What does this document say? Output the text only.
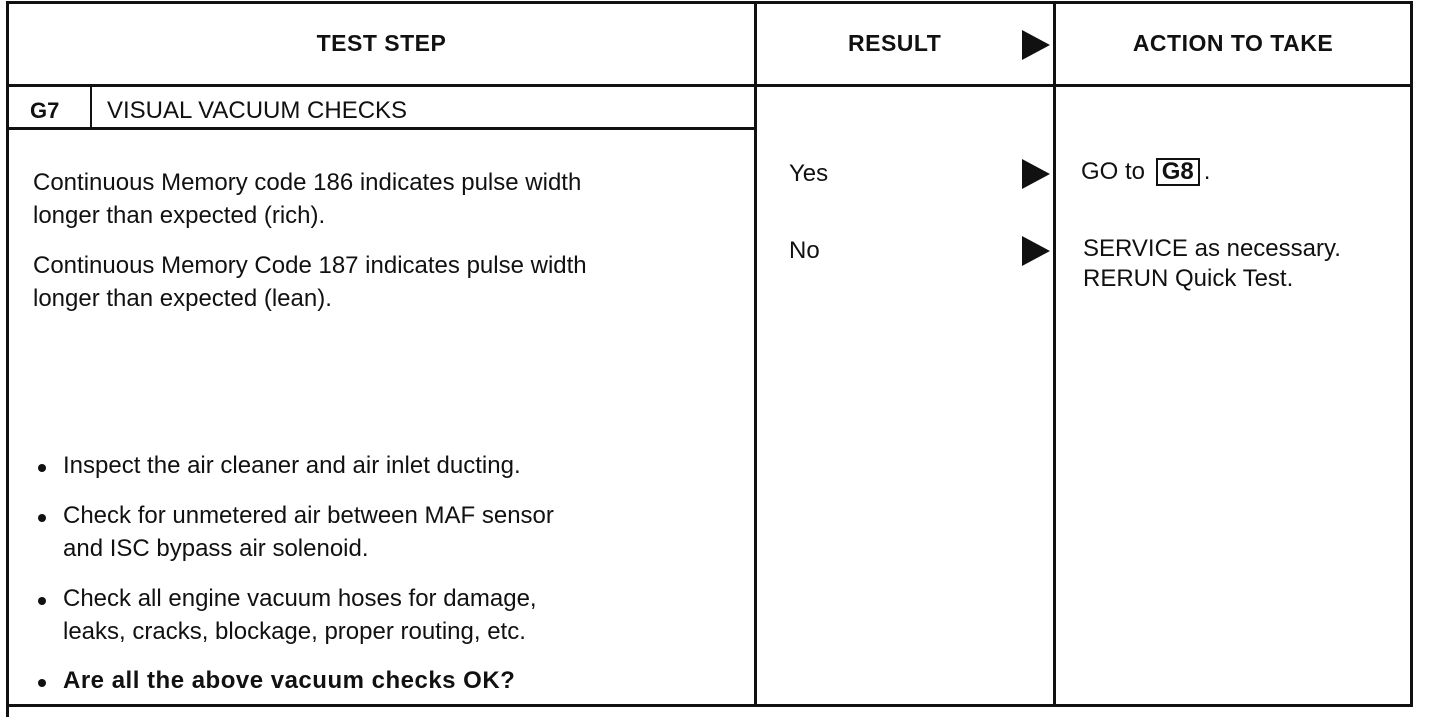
TEST STEP	RESULT	ACTION TO TAKE
G7 VISUAL VACUUM CHECKS
Continuous Memory code 186 indicates pulse width
longer than expected (rich).
Continuous Memory Code 187 indicates pulse width
longer than expected (lean).
Inspect the air cleaner and air inlet ducting.
Check for unmetered air between MAF sensor
and ISC bypass air solenoid.
Check all engine vacuum hoses for damage,
leaks, cracks, blockage, proper routing, etc.
Are all the above vacuum checks OK?
Yes
No
GO to G8 .
SERVICE as necessary.
RERUN Quick Test.
